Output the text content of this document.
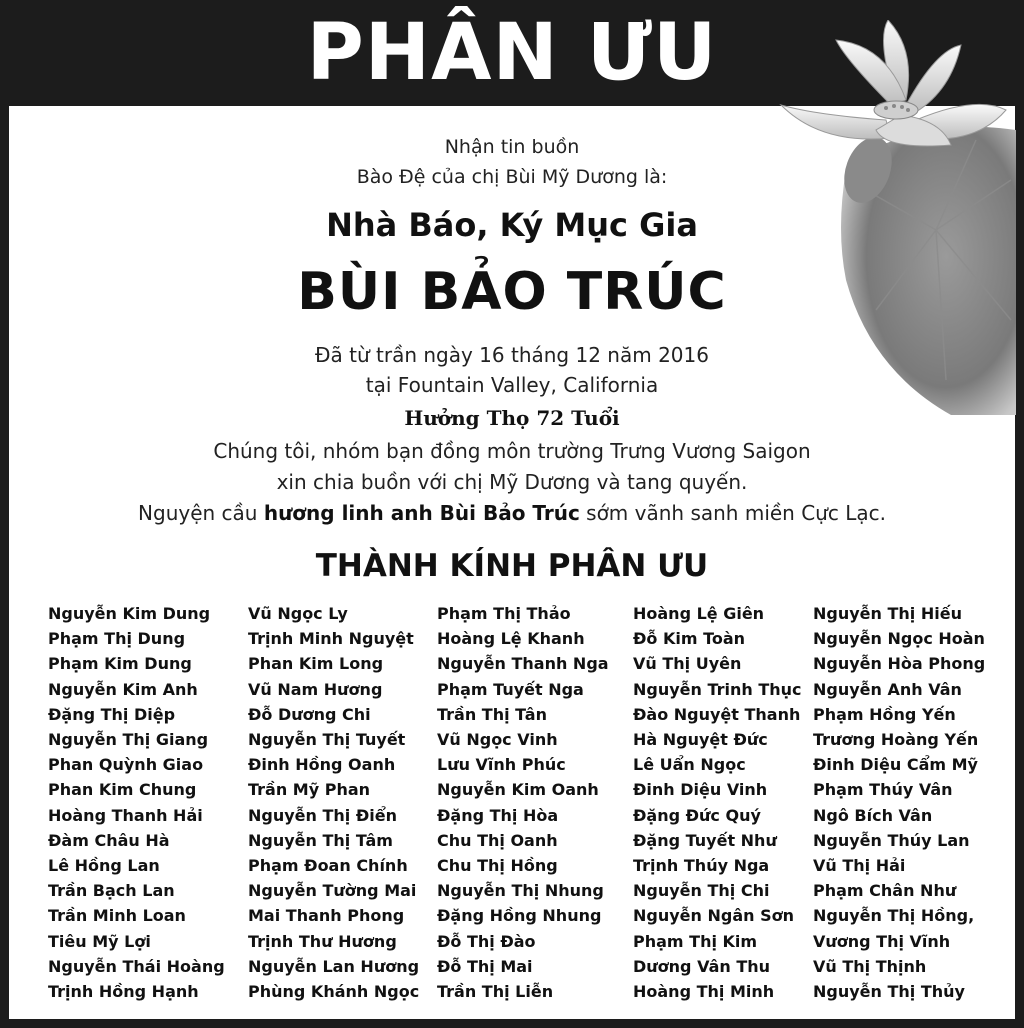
PHÂN ƯU
Nhận tin buồn
Bào Đệ của chị Bùi Mỹ Dương là:
Nhà Báo, Ký Mục Gia
BÙI BẢO TRÚC
Đã từ trần ngày 16 tháng 12 năm 2016
tại Fountain Valley, California
Hưởng Thọ 72 Tuổi
Chúng tôi, nhóm bạn đồng môn trường Trưng Vương Saigon
xin chia buồn với chị Mỹ Dương và tang quyến.
Nguyện cầu hương linh anh Bùi Bảo Trúc sớm vãnh sanh miền Cực Lạc.
THÀNH KÍNH PHÂN ƯU
Nguyễn Kim Dung
Phạm Thị Dung
Phạm Kim Dung
Nguyễn Kim Anh
Đặng Thị Diệp
Nguyễn Thị Giang
Phan Quỳnh Giao
Phan Kim Chung
Hoàng Thanh Hải
Đàm Châu Hà
Lê Hồng Lan
Trần Bạch Lan
Trần Minh Loan
Tiêu Mỹ Lợi
Nguyễn Thái Hoàng
Trịnh Hồng Hạnh
Vũ Ngọc Ly
Trịnh Minh Nguyệt
Phan Kim Long
Vũ Nam Hương
Đỗ Dương Chi
Nguyễn Thị Tuyết
Đinh Hồng Oanh
Trần Mỹ Phan
Nguyễn Thị Điển
Nguyễn Thị Tâm
Phạm Đoan Chính
Nguyễn Tường Mai
Mai Thanh Phong
Trịnh Thư Hương
Nguyễn Lan Hương
Phùng Khánh Ngọc
Phạm Thị Thảo
Hoàng Lệ Khanh
Nguyễn Thanh Nga
Phạm Tuyết Nga
Trần Thị Tân
Vũ Ngọc Vinh
Lưu Vĩnh Phúc
Nguyễn Kim Oanh
Đặng Thị Hòa
Chu Thị Oanh
Chu Thị Hồng
Nguyễn Thị Nhung
Đặng Hồng Nhung
Đỗ Thị Đào
Đỗ Thị Mai
Trần Thị Liễn
Hoàng Lệ Giên
Đỗ Kim Toàn
Vũ Thị Uyên
Nguyễn Trinh Thục
Đào Nguyệt Thanh
Hà Nguyệt Đức
Lê Uẩn Ngọc
Đinh Diệu Vinh
Đặng Đức Quý
Đặng Tuyết Như
Trịnh Thúy Nga
Nguyễn Thị Chi
Nguyễn Ngân Sơn
Phạm Thị Kim
Dương Vân Thu
Hoàng Thị Minh
Nguyễn Thị Hiếu
Nguyễn Ngọc Hoàn
Nguyễn Hòa Phong
Nguyễn Anh Vân
Phạm Hồng Yến
Trương Hoàng Yến
Đinh Diệu Cẩm Mỹ
Phạm Thúy Vân
Ngô Bích Vân
Nguyễn Thúy Lan
Vũ Thị Hải
Phạm Chân Như
Nguyễn Thị Hồng,
Vương Thị Vĩnh
Vũ Thị Thịnh
Nguyễn Thị Thủy
